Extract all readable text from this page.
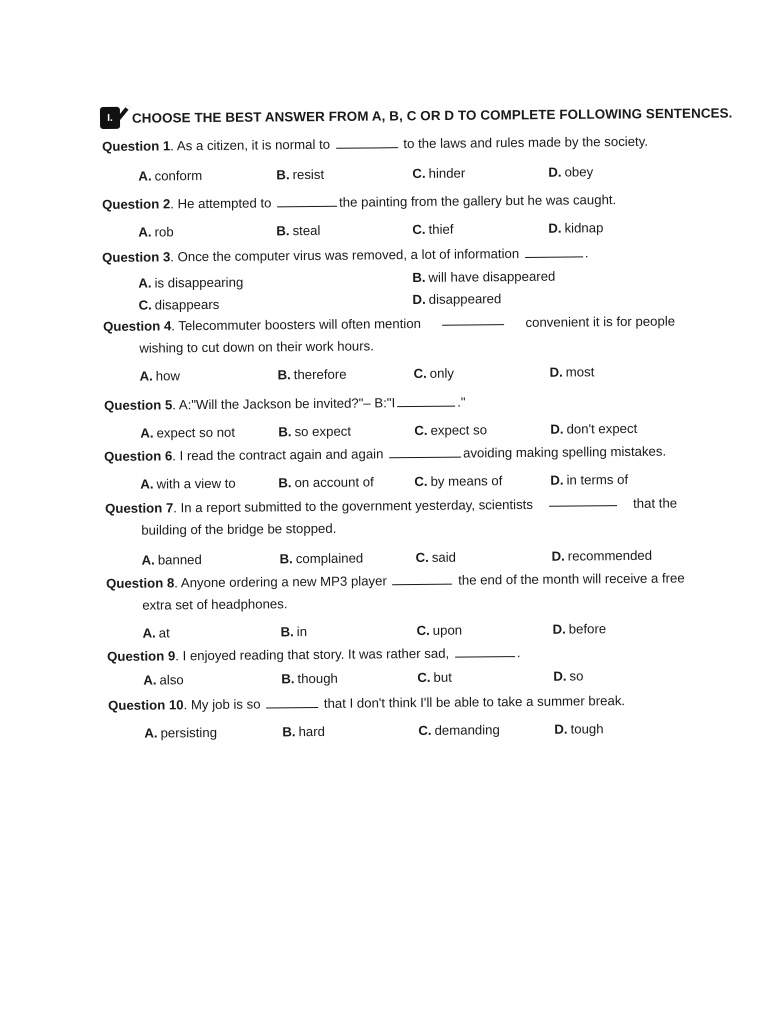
I.	CHOOSE THE BEST ANSWER FROM A, B, C OR D TO COMPLETE FOLLOWING SENTENCES.
Question 1. As a citizen, it is normal to	to the laws and rules made by the society.
A. conform	B. resist	C. hinder	D. obey
Question 2. He attempted to	the painting from the gallery but he was caught.
A. rob	B. steal	C. thief	D. kidnap
Question 3. Once the computer virus was removed, a lot of information	.
A. is disappearing	B. will have disappeared
C. disappears	D. disappeared
Question 4. Telecommuter boosters will often mention	convenient it is for people
wishing to cut down on their work hours.
A. how	B. therefore	C. only	D. most
Question 5. A:"Will the Jackson be invited?"– B:"I	."
A. expect so not	B. so expect	C. expect so	D. don't expect
Question 6. I read the contract again and again	avoiding making spelling mistakes.
A. with a view to	B. on account of	C. by means of	D. in terms of
Question 7. In a report submitted to the government yesterday, scientists	that the
building of the bridge be stopped.
A. banned	B. complained	C. said	D. recommended
Question 8. Anyone ordering a new MP3 player	the end of the month will receive a free
extra set of headphones.
A. at	B. in	C. upon	D. before
Question 9. I enjoyed reading that story. It was rather sad,	.
A. also	B. though	C. but	D. so
Question 10. My job is so	that I don't think I'll be able to take a summer break.
A. persisting	B. hard	C. demanding	D. tough
